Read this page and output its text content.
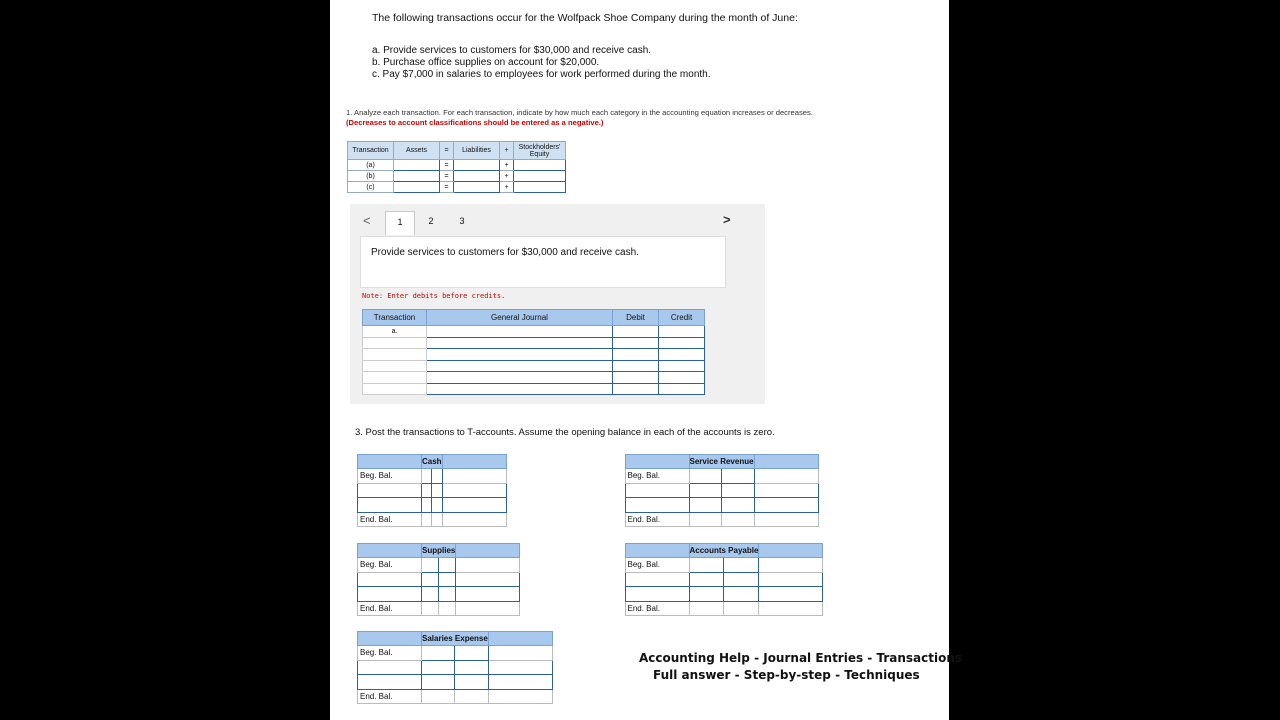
The following transactions occur for the Wolfpack Shoe Company during the month of June:
a. Provide services to customers for $30,000 and receive cash.
b. Purchase office supplies on account for $20,000.
c. Pay $7,000 in salaries to employees for work performed during the month.
1. Analyze each transaction. For each transaction, indicate by how much each category in the accounting equation increases or decreases. (Decreases to account classifications should be entered as a negative.)
Transaction	Assets	=	Liabilities	+	Stockholders' Equity
(a)		=		+	
(b)		=		+	
(c)		=		+	
<	1	2	3	>
Provide services to customers for $30,000 and receive cash.
Note: Enter debits before credits.
Transaction	General Journal	Debit	Credit
a.			

3. Post the transactions to T-accounts. Assume the opening balance in each of the accounts is zero.
	Cash		
Beg. Bal.			

End. Bal.			
		Service Revenue		
	Beg. Bal.			

	End. Bal.			
	Supplies		
Beg. Bal.			

End. Bal.			
		Accounts Payable		
	Beg. Bal.			

	End. Bal.			
	Salaries Expense		
Beg. Bal.			

End. Bal.			
Accounting Help - Journal Entries - Transactions
Full answer - Step-by-step - Techniques
